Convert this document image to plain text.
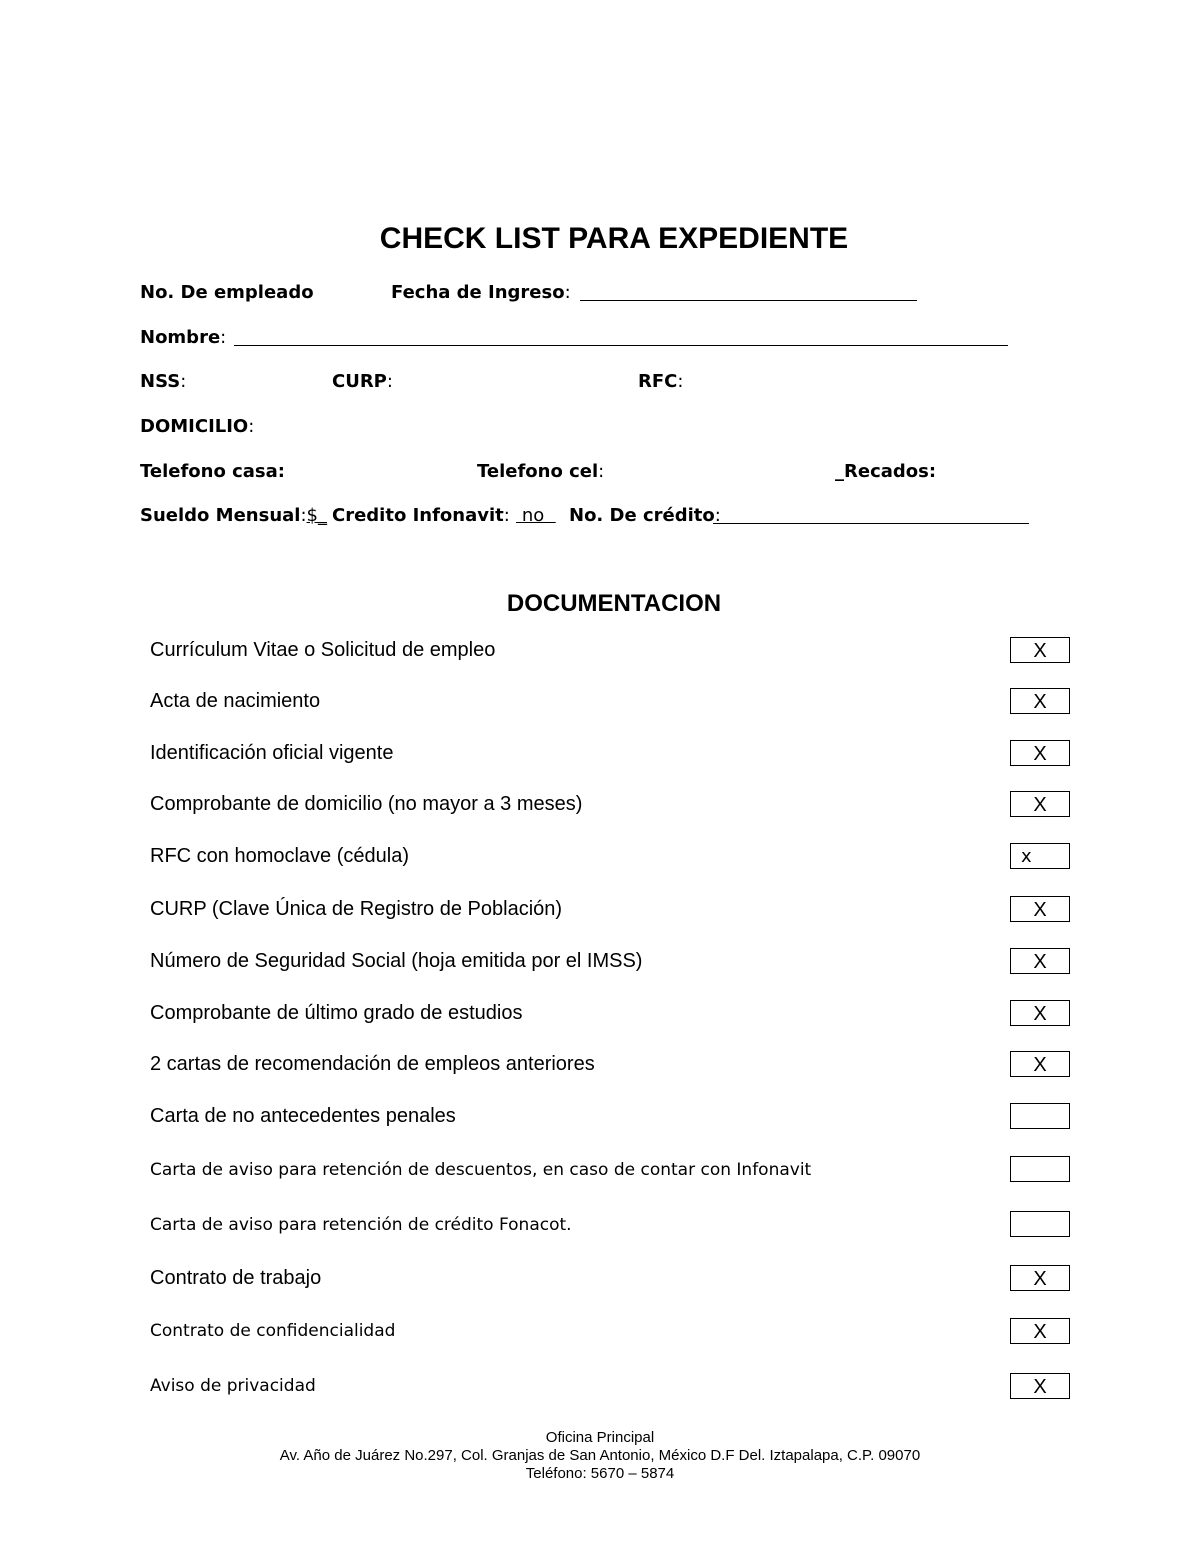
CHECK LIST PARA EXPEDIENTE
No. De empleado	Fecha de Ingreso:
Nombre:
NSS:	CURP:	RFC:
DOMICILIO:
Telefono casa:	Telefono cel:	_Recados:
Sueldo Mensual:$_ Credito Infonavit:  no No. De crédito:
DOCUMENTACION
Currículum Vitae o Solicitud de empleo	X
Acta de nacimiento	X
Identificación oficial vigente	X
Comprobante de domicilio (no mayor a 3 meses)	X
RFC con homoclave (cédula)	x
CURP (Clave Única de Registro de Población)	X
Número de Seguridad Social (hoja emitida por el IMSS)	X
Comprobante de último grado de estudios	X
2 cartas de recomendación de empleos anteriores	X
Carta de no antecedentes penales
Carta de aviso para retención de descuentos, en caso de contar con Infonavit
Carta de aviso para retención de crédito Fonacot.
Contrato de trabajo	X
Contrato de confidencialidad	X
Aviso de privacidad	X
Oficina Principal
Av. Año de Juárez No.297, Col. Granjas de San Antonio, México D.F Del. Iztapalapa, C.P. 09070
Teléfono: 5670 – 5874
